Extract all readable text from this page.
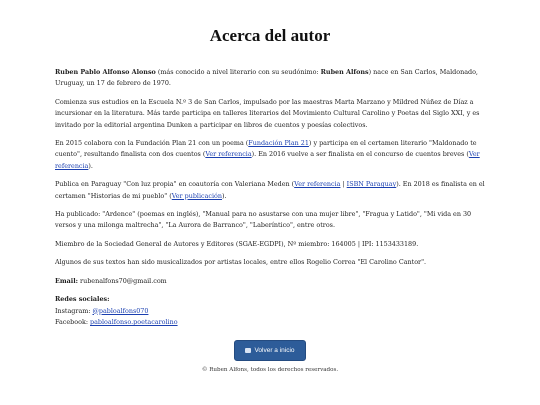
Acerca del autor

Ruben Pablo Alfonso Alonso (más conocido a nivel literario con su seudónimo: Ruben Alfons) nace en San Carlos, Maldonado, Uruguay, un 17 de febrero de 1970.

Comienza sus estudios en la Escuela N.º 3 de San Carlos, impulsado por las maestras Marta Marzano y Mildred Núñez de Díaz a incursionar en la literatura. Más tarde participa en talleres literarios del Movimiento Cultural Carolino y Poetas del Siglo XXI, y es invitado por la editorial argentina Dunken a participar en libros de cuentos y poesías colectivos.

En 2015 colabora con la Fundación Plan 21 con un poema (Fundación Plan 21) y participa en el certamen literario "Maldonado te cuento", resultando finalista con dos cuentos (Ver referencia). En 2016 vuelve a ser finalista en el concurso de cuentos breves (Ver referencia).

Publica en Paraguay "Con luz propia" en coautoría con Valeriana Meden (Ver referencia | ISBN Paraguay). En 2018 es finalista en el certamen "Historias de mi pueblo" (Ver publicación).

Ha publicado: "Ardence" (poemas en inglés), "Manual para no asustarse con una mujer libre", "Fragua y Latido", "Mi vida en 30 versos y una milonga maltrecha", "La Aurora de Barranco", "Laberíntico", entre otros.

Miembro de la Sociedad General de Autores y Editores (SGAE-EGDPI), Nº miembro: 164005 | IPI: 1153433189.

Algunos de sus textos han sido musicalizados por artistas locales, entre ellos Rogelio Correa "El Carolino Cantor".

Email: rubenalfons70@gmail.com

Redes sociales:
Instagram: @pabloalfons070
Facebook: pabloalfonso.poetacarolino

Volver a inicio
© Ruben Alfons, todos los derechos reservados.
